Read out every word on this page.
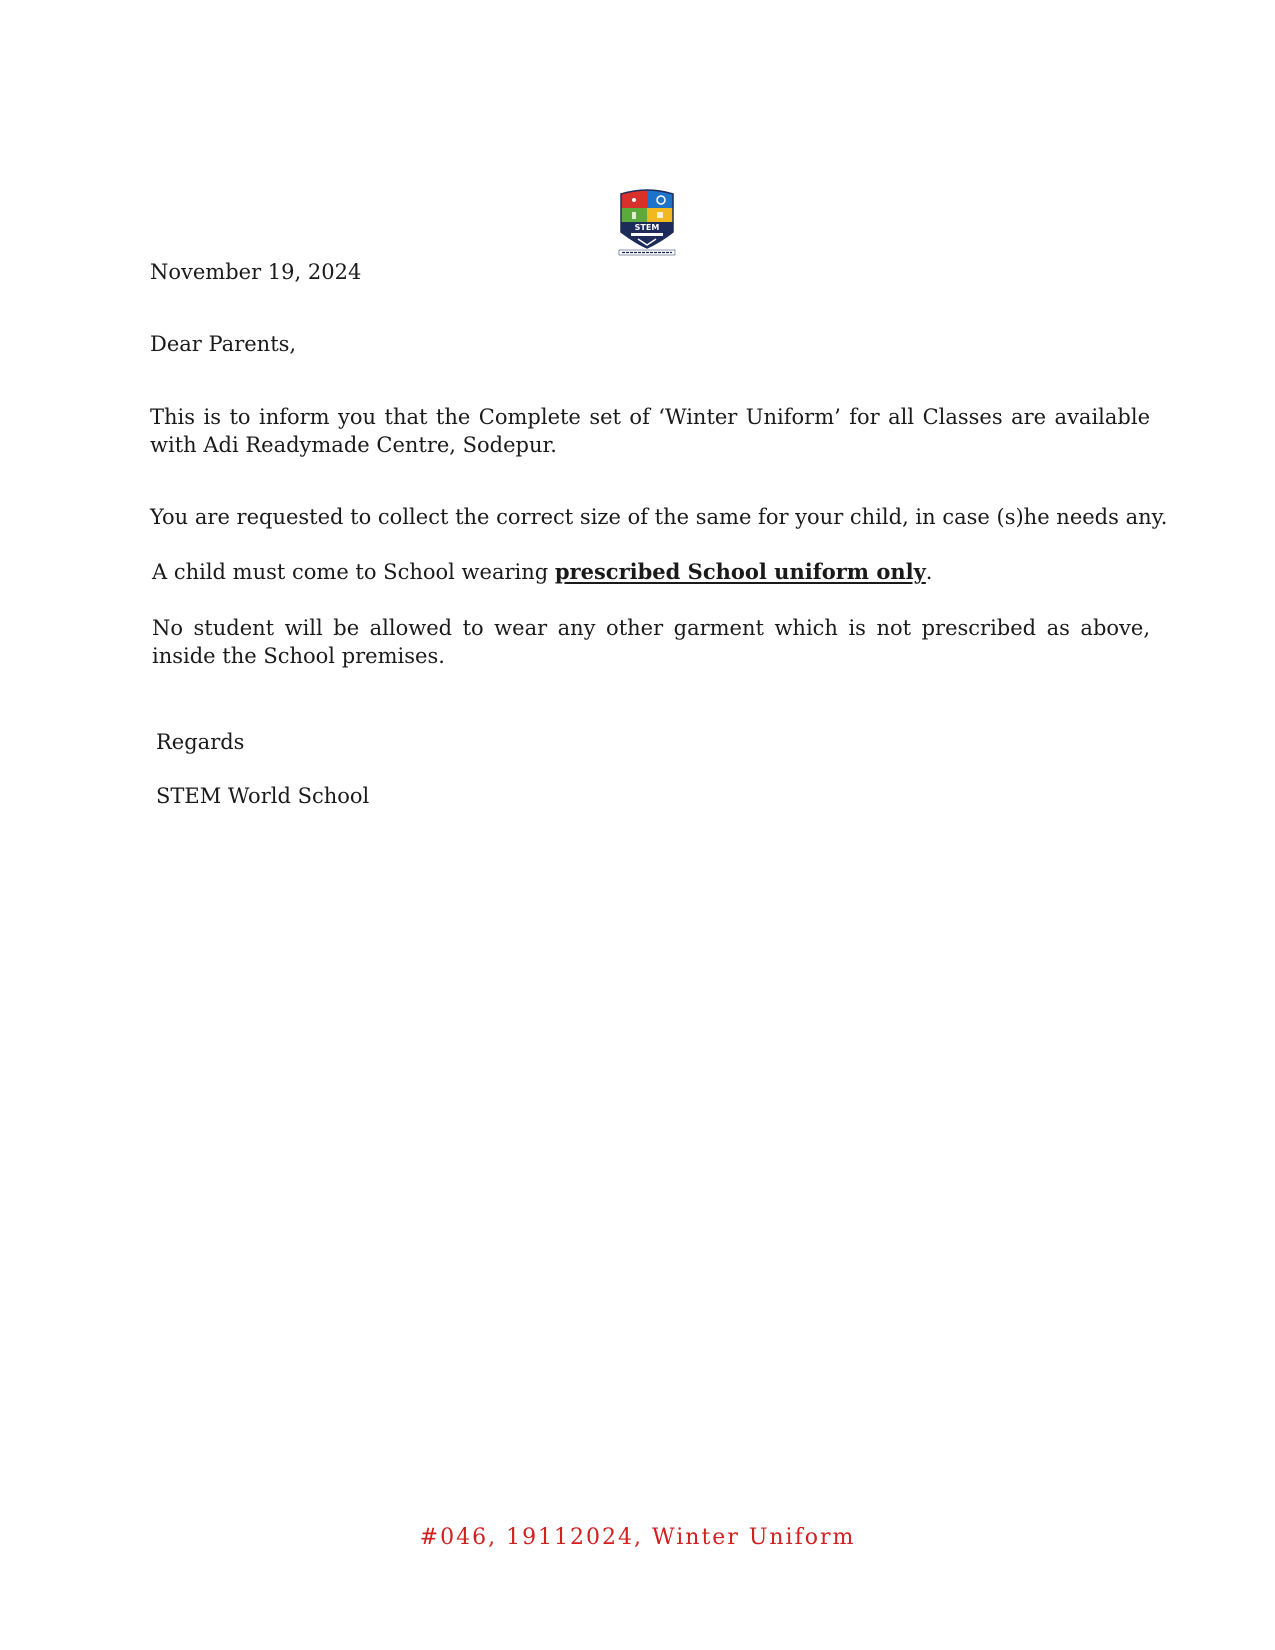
STEM

November 19, 2024

Dear Parents,

This is to inform you that the Complete set of ‘Winter Uniform’ for all Classes are available with Adi Readymade Centre, Sodepur.

You are requested to collect the correct size of the same for your child, in case (s)he needs any.

A child must come to School wearing prescribed School uniform only.

No student will be allowed to wear any other garment which is not prescribed as above, inside the School premises.

Regards

STEM World School

#046, 19112024, Winter Uniform
